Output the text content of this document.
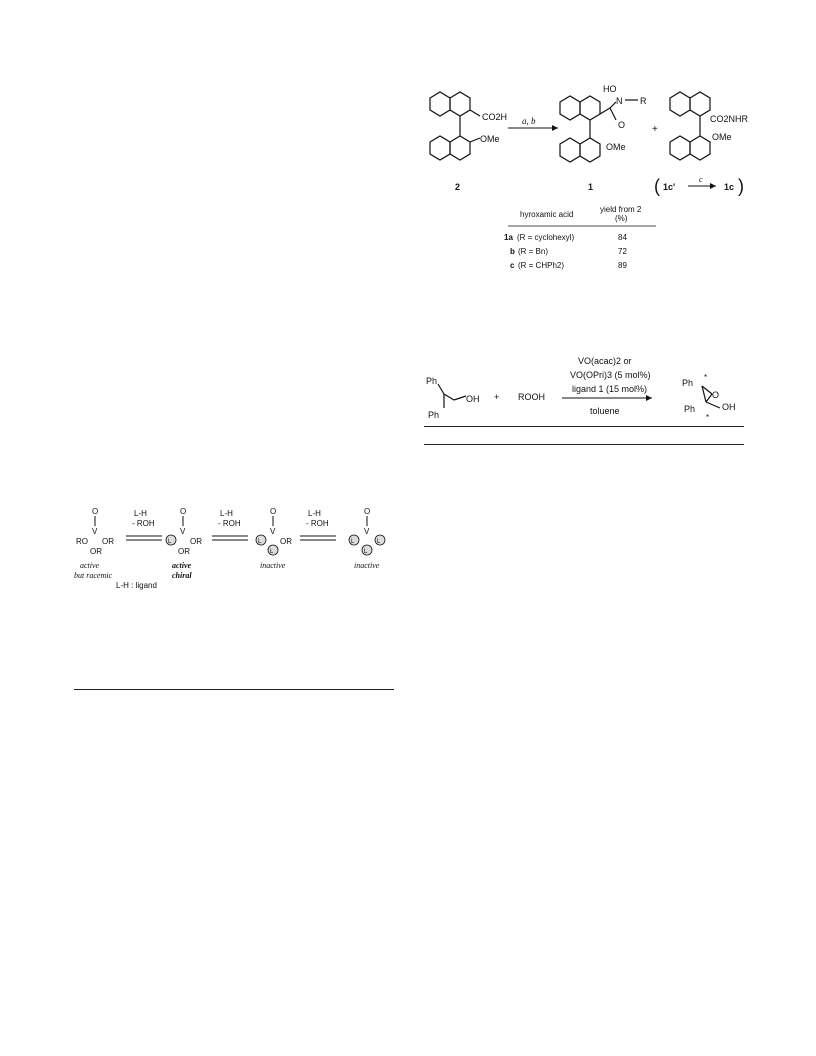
CO2H
OMe
2
a, b
HO
N R
O
OMe
1
+
CO2NHR
OMe
( 1c'
c
1c )
hyroxamic acid
yield from 2
(%)
1a (R = cyclohexyl)	84
b (R = Bn)	72
c (R = CHPh2)	89
Ph
Ph
OH + ROOH
VO(acac)2 or
VO(OPri)3 (5 mol%)
ligand 1 (15 mol%)
toluene
Ph
Ph
O
OH
*
*
O
V
RO OR
OR
active
but racemic
L-H
- ROH
O
V
L OR
OR
active
chiral
L-H
- ROH
O
V
L OR
L
inactive
L-H
- ROH
O
V
L	L
L
inactive
L-H : ligand
